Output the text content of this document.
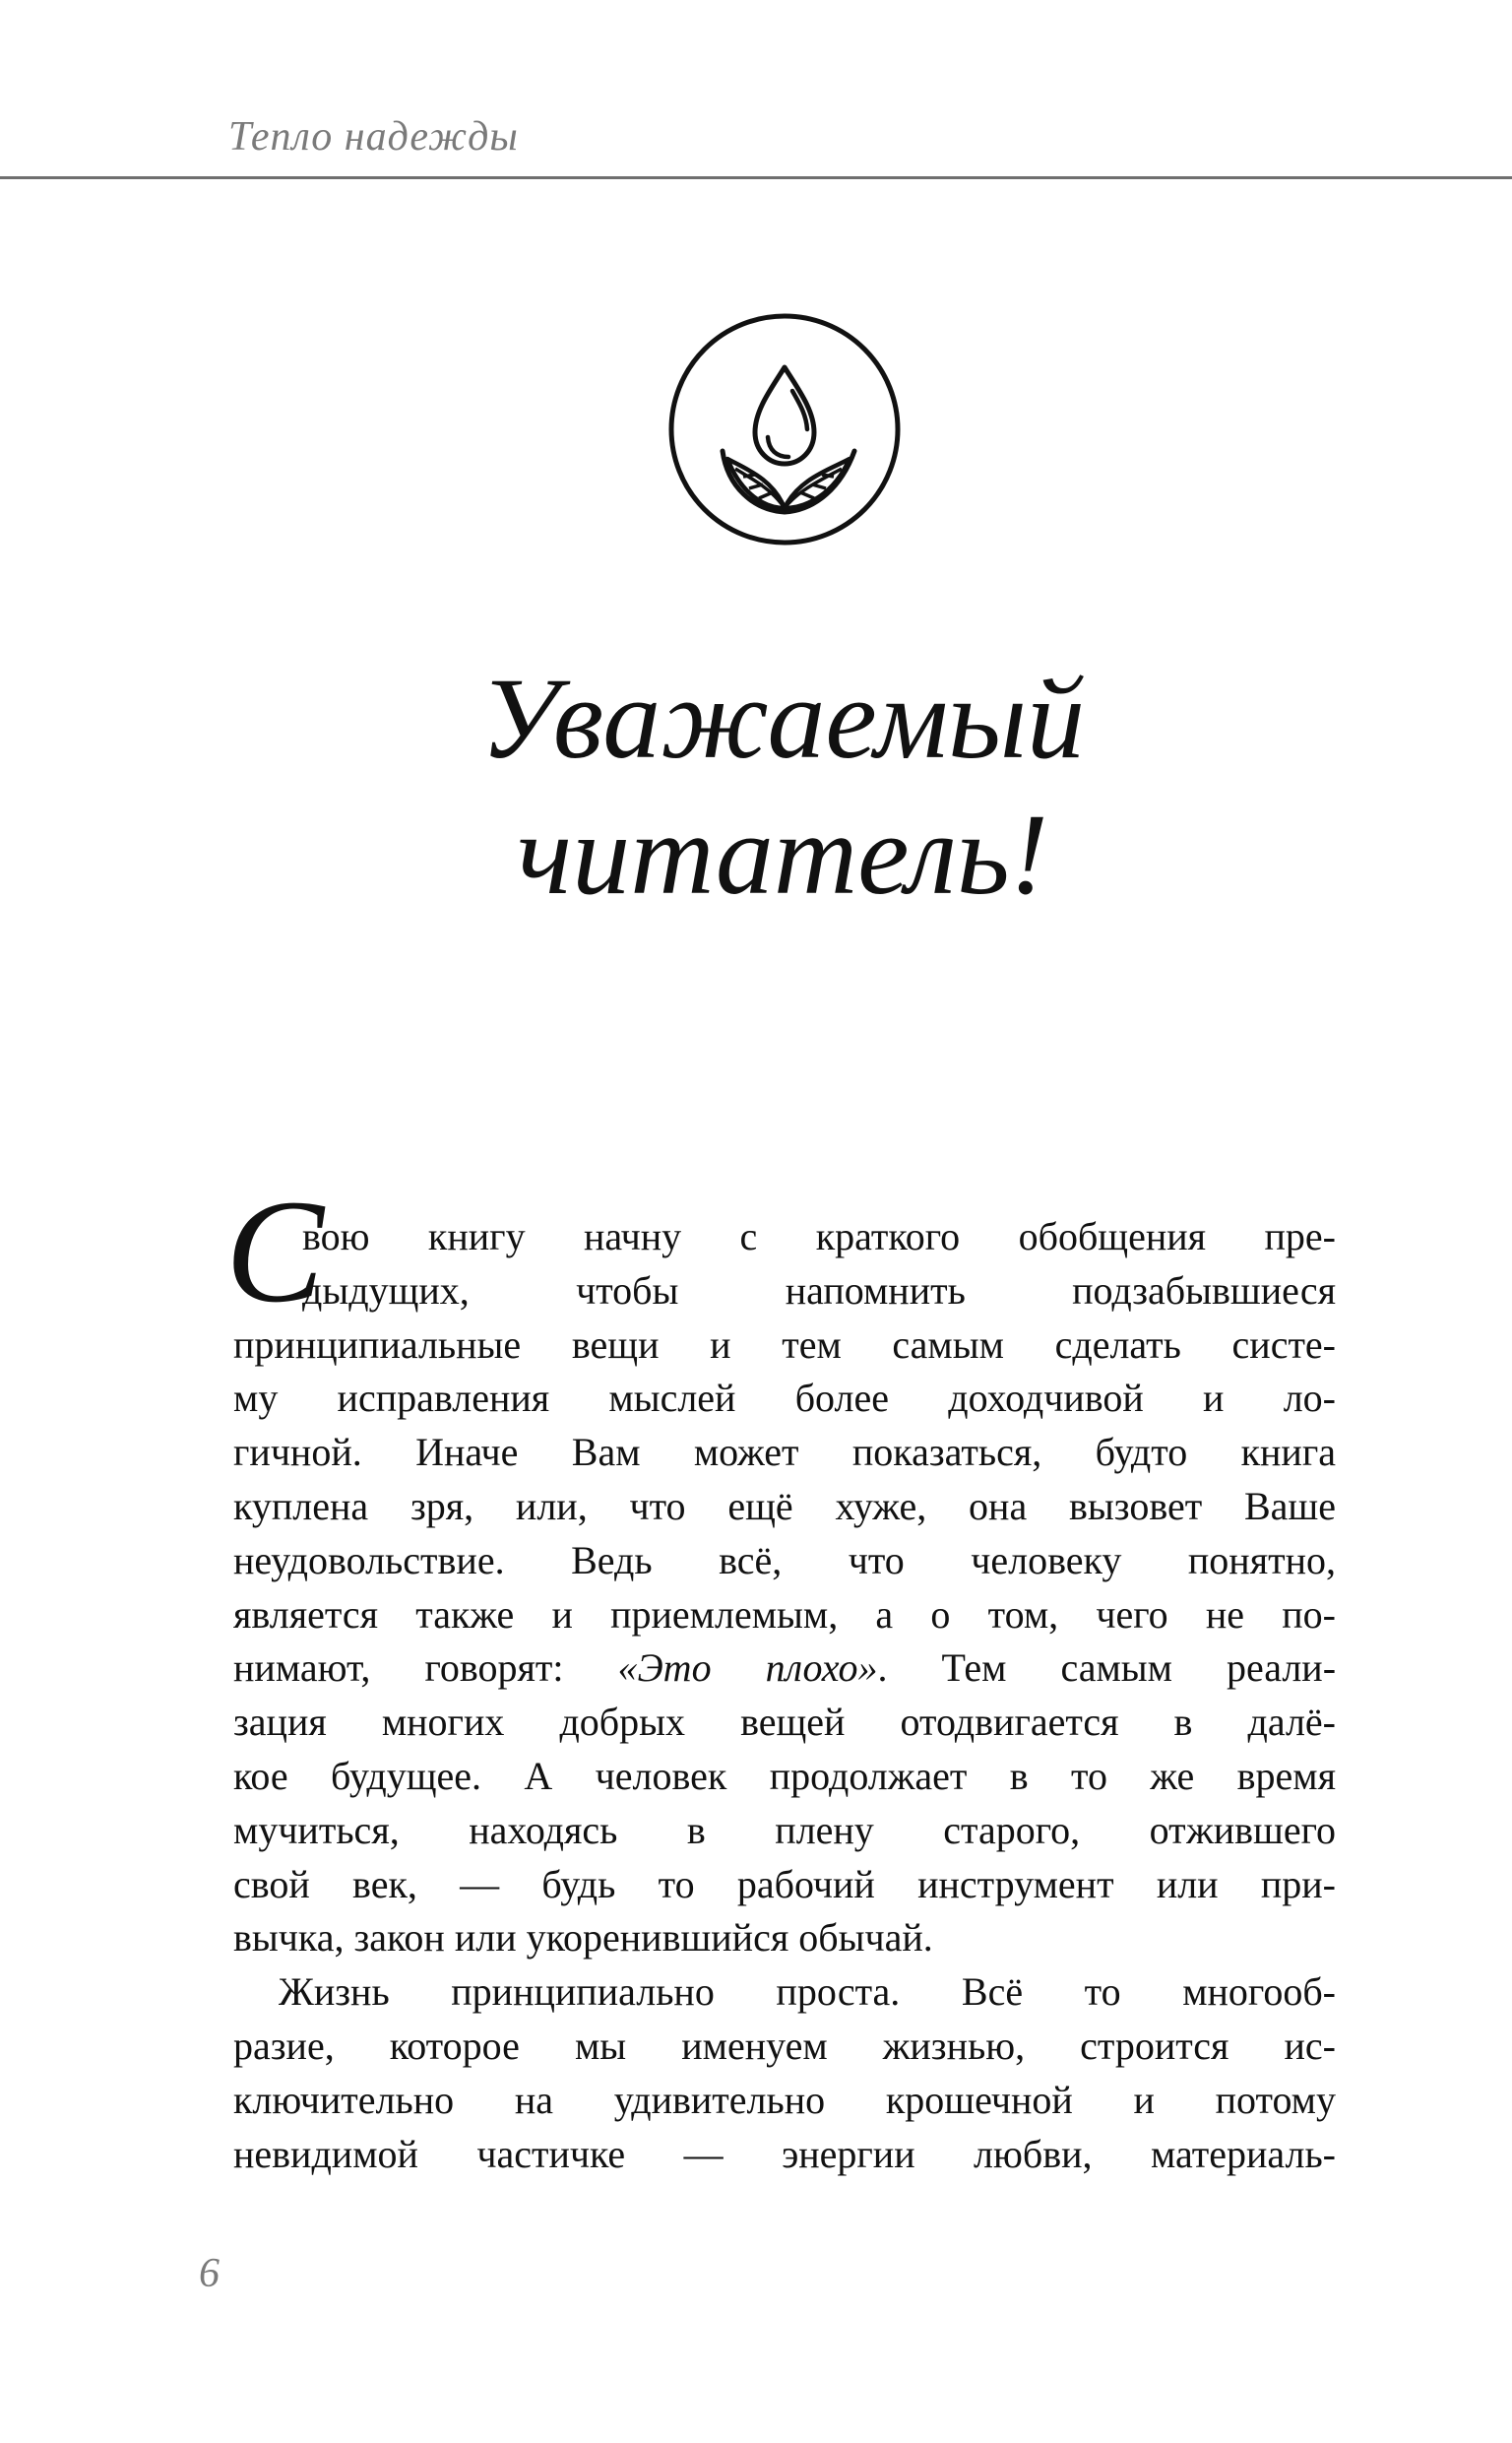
Тепло надежды
Уважаемый
читатель!
С
вою книгу начну с краткого обобщения пре-
дыдущих, чтобы напомнить подзабывшиеся
принципиальные вещи и тем самым сделать систе-
му исправления мыслей более доходчивой и ло-
гичной. Иначе Вам может показаться, будто книга
куплена зря, или, что ещё хуже, она вызовет Ваше
неудовольствие. Ведь всё, что человеку понятно,
является также и приемлемым, а о том, чего не по-
нимают, говорят: «Это плохо». Тем самым реали-
зация многих добрых вещей отодвигается в далё-
кое будущее. А человек продолжает в то же время
мучиться, находясь в плену старого, отжившего
свой век, — будь то рабочий инструмент или при-
вычка, закон или укоренившийся обычай.
Жизнь принципиально проста. Всё то многооб-
разие, которое мы именуем жизнью, строится ис-
ключительно на удивительно крошечной и потому
невидимой частичке — энергии любви, материаль-
6
